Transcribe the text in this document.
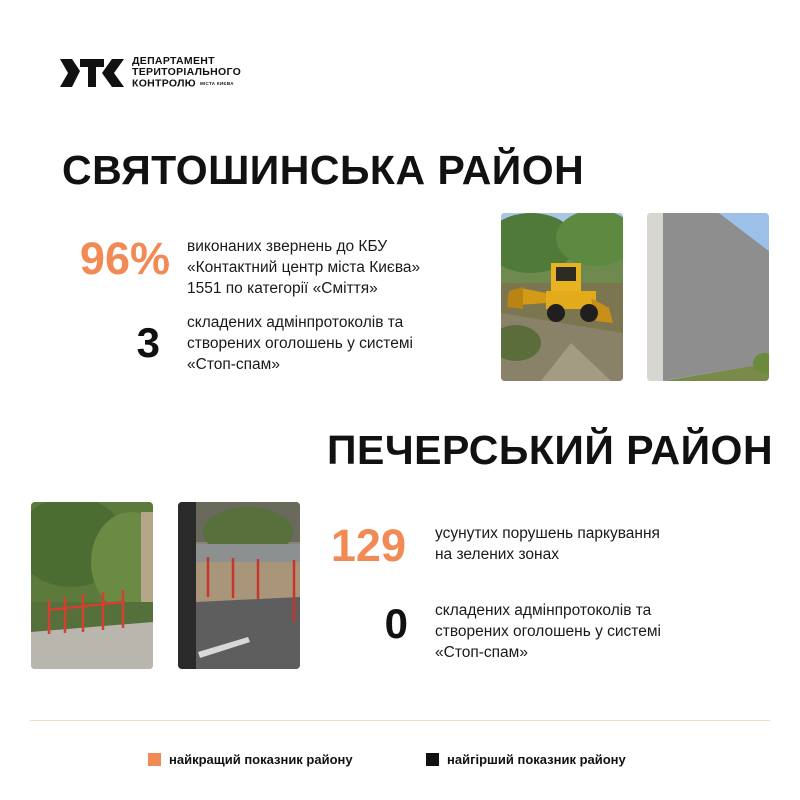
ДЕПАРТАМЕНТ
ТЕРИТОРІАЛЬНОГО
КОНТРОЛЮ МІСТА КИЄВА
СВЯТОШИНСЬКА РАЙОН
96% виконаних звернень до КБУ
«Контактний центр міста Києва»
1551 по категорії «Сміття»
3 складених адмінпротоколів та
створених оголошень у системі
«Стоп-спам»
ПЕЧЕРСЬКИЙ РАЙОН
129 усунутих порушень паркування
на зелених зонах
0 складених адмінпротоколів та
створених оголошень у системі
«Стоп-спам»
найкращий показник району	найгірший показник району
